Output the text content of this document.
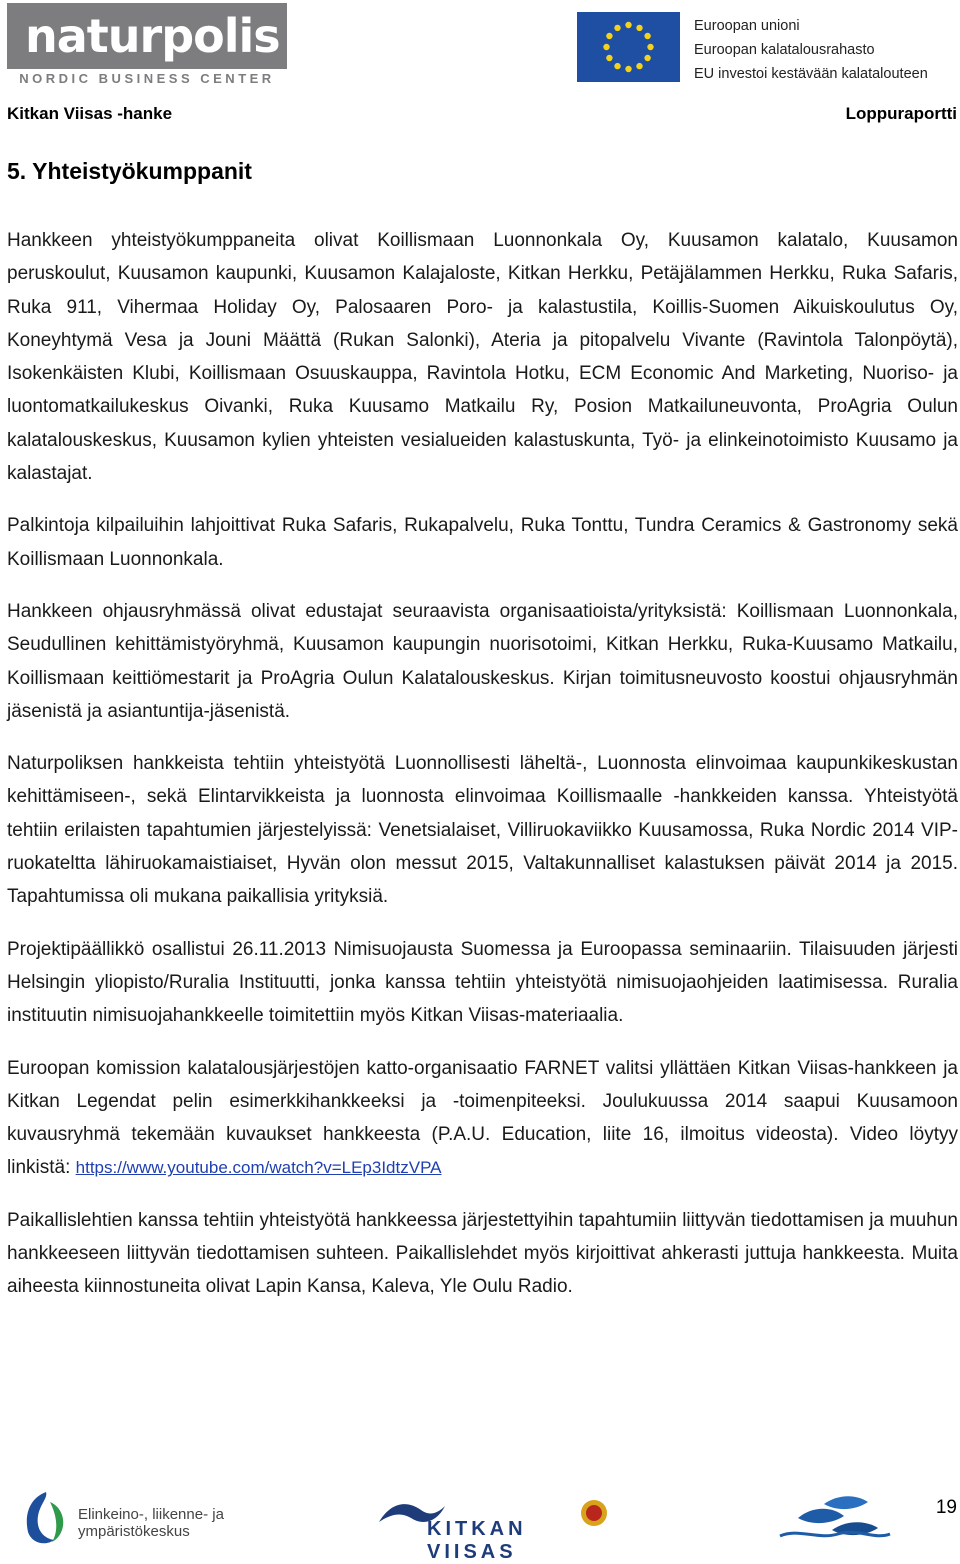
naturpolis
NORDIC BUSINESS CENTER
Euroopan unioni
Euroopan kalatalousrahasto
EU investoi kestävään kalatalouteen
Kitkan Viisas -hanke	Loppuraportti
5. Yhteistyökumppanit

Hankkeen yhteistyökumppaneita olivat Koillismaan Luonnonkala Oy, Kuusamon kalatalo, Kuusamon peruskoulut, Kuusamon kaupunki, Kuusamon Kalajaloste, Kitkan Herkku, Petäjälammen Herkku, Ruka Safaris, Ruka 911, Vihermaa Holiday Oy, Palosaaren Poro- ja kalastustila, Koillis-Suomen Aikuiskoulutus Oy, Koneyhtymä Vesa ja Jouni Määttä (Rukan Salonki), Ateria ja pitopalvelu Vivante (Ravintola Talonpöytä), Isokenkäisten Klubi, Koillismaan Osuuskauppa, Ravintola Hotku, ECM Economic And Marketing, Nuoriso- ja luontomatkailukeskus Oivanki, Ruka Kuusamo Matkailu Ry, Posion Matkailuneuvonta, ProAgria Oulun kalatalouskeskus, Kuusamon kylien yhteisten vesialueiden kalastuskunta, Työ- ja elinkeinotoimisto Kuusamo ja kalastajat.

Palkintoja kilpailuihin lahjoittivat Ruka Safaris, Rukapalvelu, Ruka Tonttu, Tundra Ceramics & Gastronomy sekä Koillismaan Luonnonkala.

Hankkeen ohjausryhmässä olivat edustajat seuraavista organisaatioista/yrityksistä: Koillismaan Luonnonkala, Seudullinen kehittämistyöryhmä, Kuusamon kaupungin nuorisotoimi, Kitkan Herkku, Ruka-Kuusamo Matkailu, Koillismaan keittiömestarit ja ProAgria Oulun Kalatalouskeskus. Kirjan toimitusneuvosto koostui ohjausryhmän jäsenistä ja asiantuntija-jäsenistä.

Naturpoliksen hankkeista tehtiin yhteistyötä Luonnollisesti läheltä-, Luonnosta elinvoimaa kaupunkikeskustan kehittämiseen-, sekä Elintarvikkeista ja luonnosta elinvoimaa Koillismaalle -hankkeiden kanssa. Yhteistyötä tehtiin erilaisten tapahtumien järjestelyissä: Venetsialaiset, Villiruokaviikko Kuusamossa, Ruka Nordic 2014 VIP-ruokateltta lähiruokamaistiaiset, Hyvän olon messut 2015, Valtakunnalliset kalastuksen päivät 2014 ja 2015. Tapahtumissa oli mukana paikallisia yrityksiä.

Projektipäällikkö osallistui 26.11.2013 Nimisuojausta Suomessa ja Euroopassa seminaariin. Tilaisuuden järjesti Helsingin yliopisto/Ruralia Instituutti, jonka kanssa tehtiin yhteistyötä nimisuojaohjeiden laatimisessa. Ruralia instituutin nimisuojahankkeelle toimitettiin myös Kitkan Viisas-materiaalia.

Euroopan komission kalatalousjärjestöjen katto-organisaatio FARNET valitsi yllättäen Kitkan Viisas-hankkeen ja Kitkan Legendat pelin esimerkkihankkeeksi ja -toimenpiteeksi. Joulukuussa 2014 saapui Kuusamoon kuvausryhmä tekemään kuvaukset hankkeesta (P.A.U. Education, liite 16, ilmoitus videosta). Video löytyy linkistä: https://www.youtube.com/watch?v=LEp3IdtzVPA

Paikallislehtien kanssa tehtiin yhteistyötä hankkeessa järjestettyihin tapahtumiin liittyvän tiedottamisen ja muuhun hankkeeseen liittyvän tiedottamisen suhteen. Paikallislehdet myös kirjoittivat ahkerasti juttuja hankkeesta. Muita aiheesta kiinnostuneita olivat Lapin Kansa, Kaleva, Yle Oulu Radio.

Elinkeino-, liikenne- ja
ympäristökeskus	KITKAN VIISAS
19
